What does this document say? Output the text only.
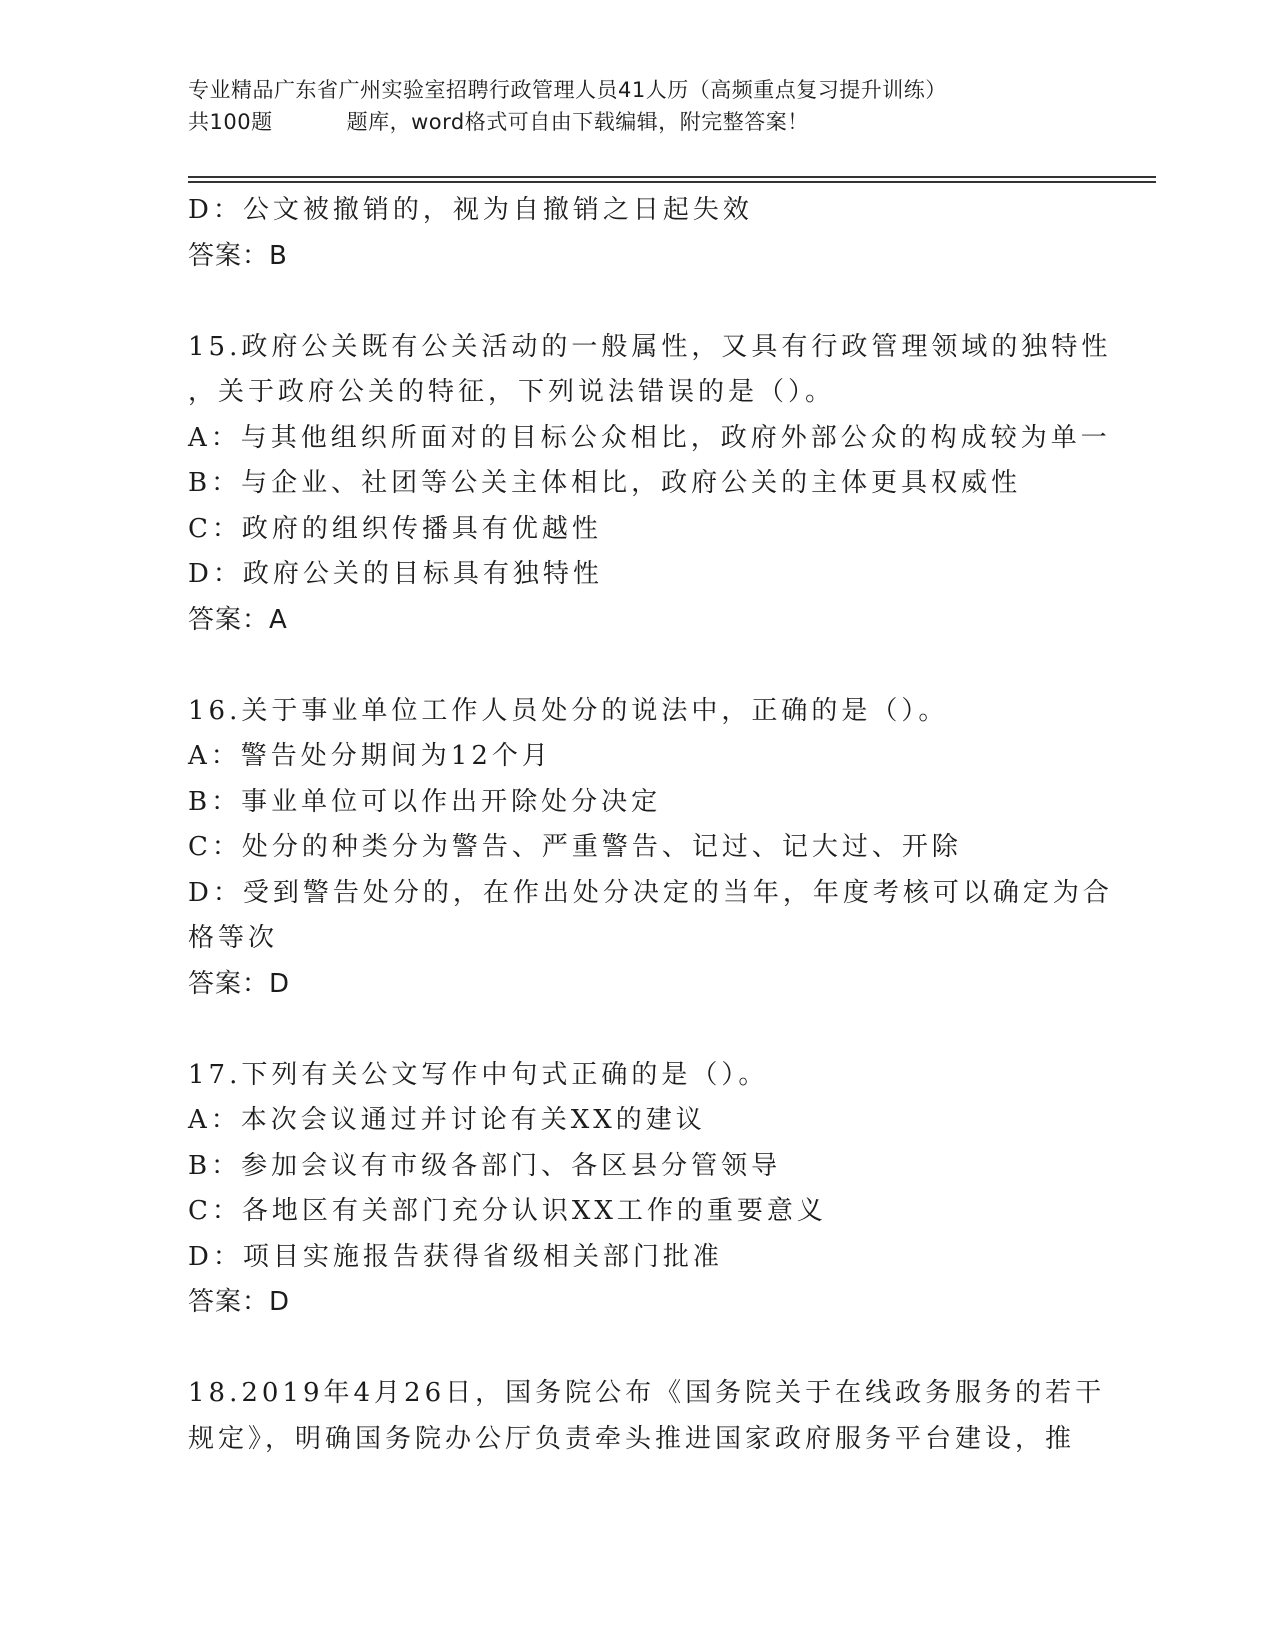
专业精品广东省广州实验室招聘行政管理人员41人历（高频重点复习提升训练）
共100题	题库，word格式可自由下载编辑，附完整答案！
D：公文被撤销的，视为自撤销之日起失效
答案：B
15.政府公关既有公关活动的一般属性，又具有行政管理领域的独特性
，关于政府公关的特征，下列说法错误的是（）。
A：与其他组织所面对的目标公众相比，政府外部公众的构成较为单一
B：与企业、社团等公关主体相比，政府公关的主体更具权威性
C：政府的组织传播具有优越性
D：政府公关的目标具有独特性
答案：A
16.关于事业单位工作人员处分的说法中，正确的是（）。
A：警告处分期间为12个月
B：事业单位可以作出开除处分决定
C：处分的种类分为警告、严重警告、记过、记大过、开除
D：受到警告处分的，在作出处分决定的当年，年度考核可以确定为合
格等次
答案：D
17.下列有关公文写作中句式正确的是（）。
A：本次会议通过并讨论有关XX的建议
B：参加会议有市级各部门、各区县分管领导
C：各地区有关部门充分认识XX工作的重要意义
D：项目实施报告获得省级相关部门批准
答案：D
18.2019年4月26日，国务院公布《国务院关于在线政务服务的若干
规定》，明确国务院办公厅负责牵头推进国家政府服务平台建设，推
